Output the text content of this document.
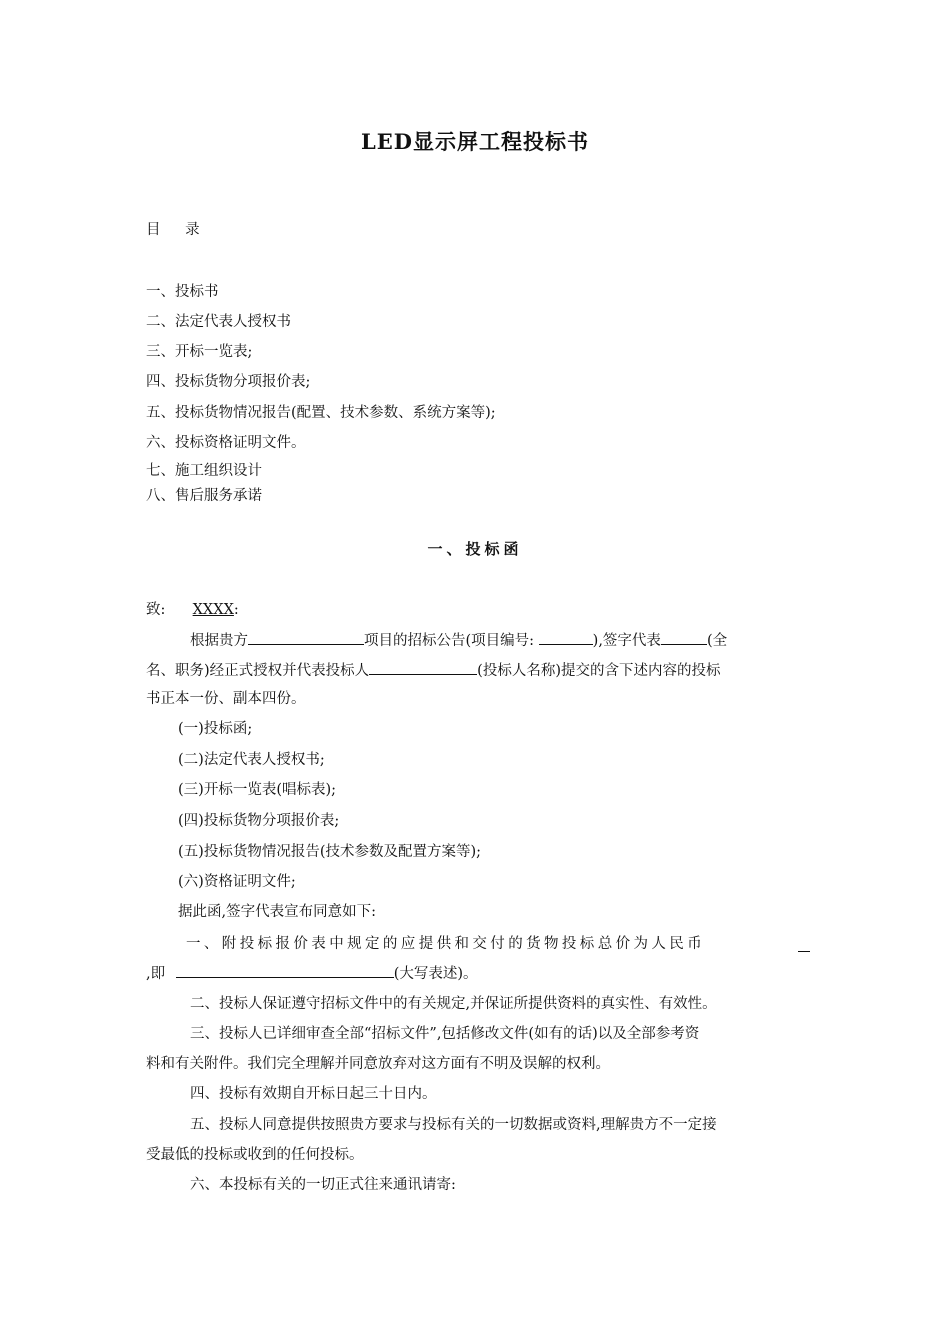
LED显示屏工程投标书
目 录
一、投标书
二、法定代表人授权书
三、开标一览表;
四、投标货物分项报价表;
五、投标货物情况报告(配置、技术参数、系统方案等);
六、投标资格证明文件。
七、施工组织设计
八、售后服务承诺
一、投标函
致: XXXX:
根据贵方	项目的招标公告(项目编号:	),签字代表	(全
名、职务)经正式授权并代表投标人	(投标人名称)提交的含下述内容的投标
书正本一份、副本四份。
(一)投标函;
(二)法定代表人授权书;
(三)开标一览表(唱标表);
(四)投标货物分项报价表;
(五)投标货物情况报告(技术参数及配置方案等);
(六)资格证明文件;
据此函,签字代表宣布同意如下:
一、附投标报价表中规定的应提供和交付的货物投标总价为人民币
,即	(大写表述)。
二、投标人保证遵守招标文件中的有关规定,并保证所提供资料的真实性、有效性。
三、投标人已详细审查全部“招标文件”,包括修改文件(如有的话)以及全部参考资
料和有关附件。我们完全理解并同意放弃对这方面有不明及误解的权利。
四、投标有效期自开标日起三十日内。
五、投标人同意提供按照贵方要求与投标有关的一切数据或资料,理解贵方不一定接
受最低的投标或收到的任何投标。
六、本投标有关的一切正式往来通讯请寄:
